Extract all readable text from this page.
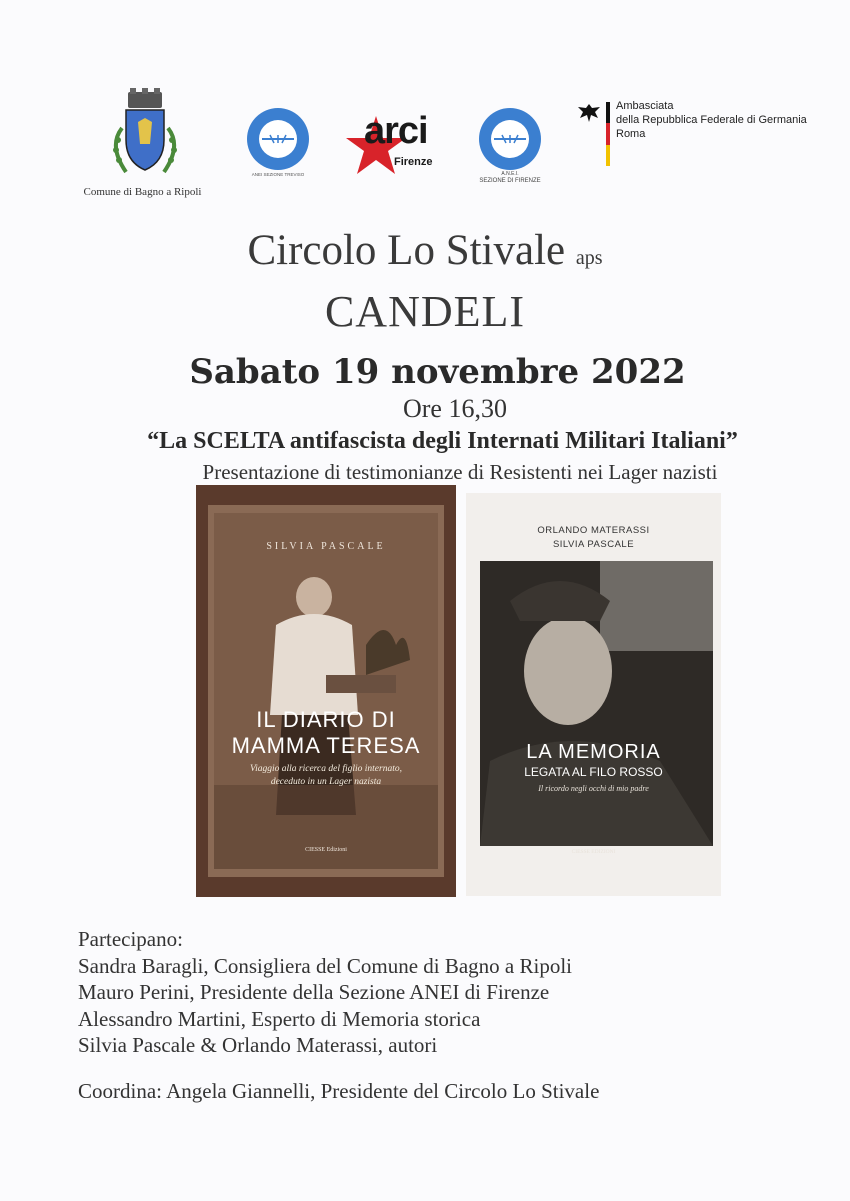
Comune di Bagno a Ripoli
ANEI SEZIONE TREVISO
arci
Firenze
A.N.E.I.
SEZIONE DI FIRENZE
Ambasciata
della Repubblica Federale di Germania
Roma
Circolo Lo Stivale aps
CANDELI
Sabato 19 novembre 2022
Ore 16,30
“La SCELTA antifascista degli Internati Militari Italiani”
Presentazione di testimonianze di Resistenti nei Lager nazisti
SILVIA PASCALE
IL DIARIO DI
MAMMA TERESA
Viaggio alla ricerca del figlio internato,
deceduto in un Lager nazista
CIESSE Edizioni
ORLANDO MATERASSI
SILVIA PASCALE
LA MEMORIA
LEGATA AL FILO ROSSO
Il ricordo negli occhi di mio padre
CIESSE EDIZIONI
Partecipano:
Sandra Baragli, Consigliera del Comune di Bagno a Ripoli
Mauro Perini, Presidente della Sezione ANEI di Firenze
Alessandro Martini, Esperto di Memoria storica
Silvia Pascale & Orlando Materassi, autori
Coordina: Angela Giannelli, Presidente del Circolo Lo Stivale
